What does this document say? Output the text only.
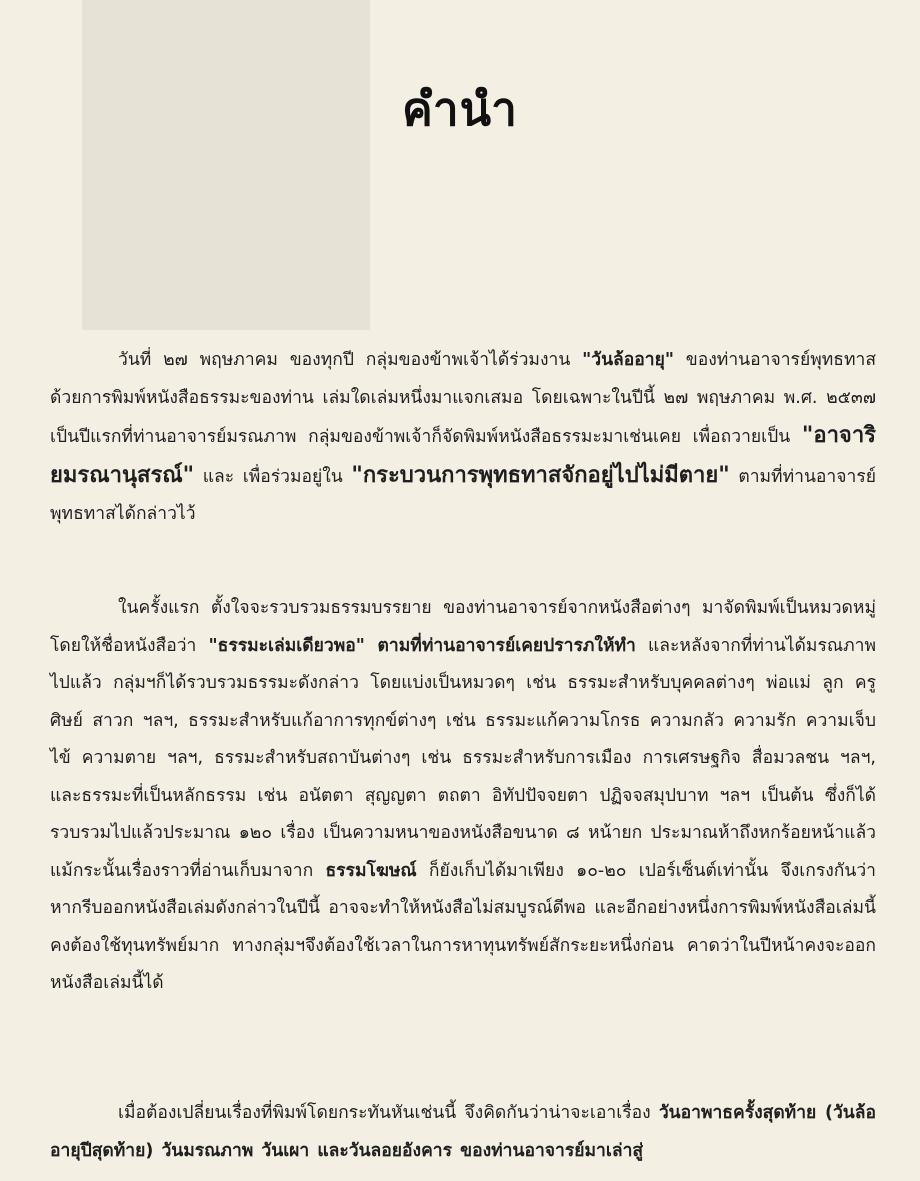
คำนำ

วันที่ ๒๗ พฤษภาคม ของทุกปี กลุ่มของข้าพเจ้าได้ร่วมงาน "วันล้ออายุ" ของท่านอาจารย์พุทธทาส ด้วยการพิมพ์หนังสือธรรมะของท่าน เล่มใดเล่มหนึ่งมาแจกเสมอ โดยเฉพาะในปีนี้ ๒๗ พฤษภาคม พ.ศ. ๒๕๓๗ เป็นปีแรกที่ท่านอาจารย์มรณภาพ กลุ่มของข้าพเจ้าก็จัดพิมพ์หนังสือธรรมะมาเช่นเคย เพื่อถวายเป็น "อาจาริยมรณานุสรณ์" และ เพื่อร่วมอยู่ใน "กระบวนการพุทธทาสจักอยู่ไปไม่มีตาย" ตามที่ท่านอาจารย์พุทธทาสได้กล่าวไว้

ในครั้งแรก ตั้งใจจะรวบรวมธรรมบรรยาย ของท่านอาจารย์จากหนังสือต่างๆ มาจัดพิมพ์เป็นหมวดหมู่ โดยให้ชื่อหนังสือว่า "ธรรมะเล่มเดียวพอ" ตามที่ท่านอาจารย์เคยปรารภให้ทำ และหลังจากที่ท่านได้มรณภาพไปแล้ว กลุ่มฯก็ได้รวบรวมธรรมะดังกล่าว โดยแบ่งเป็นหมวดๆ เช่น ธรรมะสำหรับบุคคลต่างๆ พ่อแม่ ลูก ครู ศิษย์ สาวก ฯลฯ, ธรรมะสำหรับแก้อาการทุกข์ต่างๆ เช่น ธรรมะแก้ความโกรธ ความกลัว ความรัก ความเจ็บไข้ ความตาย ฯลฯ, ธรรมะสำหรับสถาบันต่างๆ เช่น ธรรมะสำหรับการเมือง การเศรษฐกิจ สื่อมวลชน ฯลฯ, และธรรมะที่เป็นหลักธรรม เช่น อนัตตา สุญญตา ตถตา อิทัปปัจจยตา ปฏิจจสมุปบาท ฯลฯ เป็นต้น ซึ่งก็ได้รวบรวมไปแล้วประมาณ ๑๒๐ เรื่อง เป็นความหนาของหนังสือขนาด ๘ หน้ายก ประมาณห้าถึงหกร้อยหน้าแล้ว แม้กระนั้นเรื่องราวที่อ่านเก็บมาจาก ธรรมโฆษณ์ ก็ยังเก็บได้มาเพียง ๑๐-๒๐ เปอร์เซ็นต์เท่านั้น จึงเกรงกันว่า หากรีบออกหนังสือเล่มดังกล่าวในปีนี้ อาจจะทำให้หนังสือไม่สมบูรณ์ดีพอ และอีกอย่างหนึ่งการพิมพ์หนังสือเล่มนี้ คงต้องใช้ทุนทรัพย์มาก ทางกลุ่มฯจึงต้องใช้เวลาในการหาทุนทรัพย์สักระยะหนึ่งก่อน คาดว่าในปีหน้าคงจะออกหนังสือเล่มนี้ได้

เมื่อต้องเปลี่ยนเรื่องที่พิมพ์โดยกระทันหันเช่นนี้ จึงคิดกันว่าน่าจะเอาเรื่อง วันอาพาธครั้งสุดท้าย (วันล้ออายุปีสุดท้าย) วันมรณภาพ วันเผา และวันลอยอังคาร ของท่านอาจารย์มาเล่าสู่
